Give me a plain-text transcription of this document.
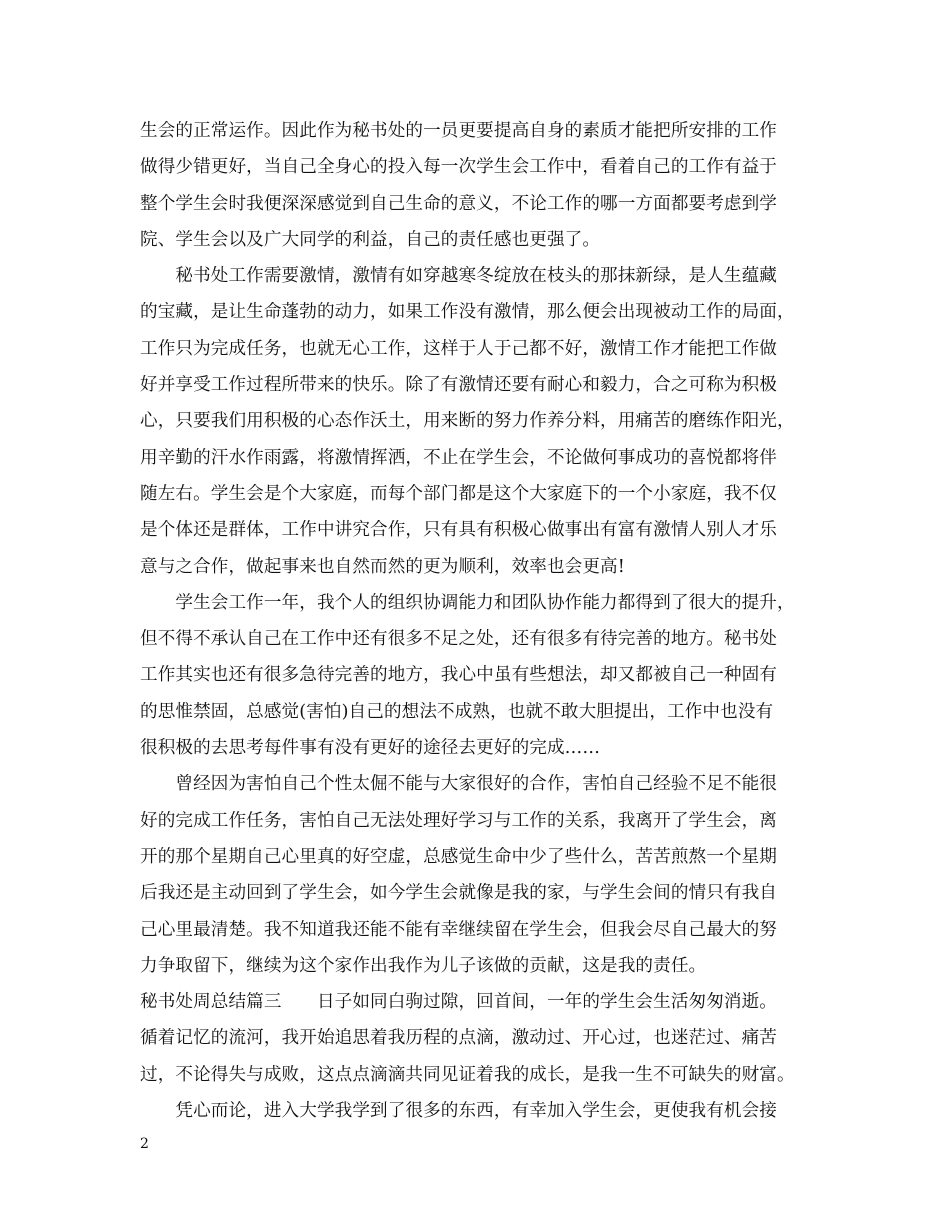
生会的正常运作。因此作为秘书处的一员更要提高自身的素质才能把所安排的工作
做得少错更好，当自己全身心的投入每一次学生会工作中，看着自己的工作有益于
整个学生会时我便深深感觉到自己生命的意义，不论工作的哪一方面都要考虑到学
院、学生会以及广大同学的利益，自己的责任感也更强了。
　　秘书处工作需要激情，激情有如穿越寒冬绽放在枝头的那抹新绿，是人生蕴藏
的宝藏，是让生命蓬勃的动力，如果工作没有激情，那么便会出现被动工作的局面，
工作只为完成任务，也就无心工作，这样于人于己都不好，激情工作才能把工作做
好并享受工作过程所带来的快乐。除了有激情还要有耐心和毅力，合之可称为积极
心，只要我们用积极的心态作沃土，用来断的努力作养分料，用痛苦的磨练作阳光，
用辛勤的汗水作雨露，将激情挥洒，不止在学生会，不论做何事成功的喜悦都将伴
随左右。学生会是个大家庭，而每个部门都是这个大家庭下的一个小家庭，我不仅
是个体还是群体，工作中讲究合作，只有具有积极心做事出有富有激情人别人才乐
意与之合作，做起事来也自然而然的更为顺利，效率也会更高!
　　学生会工作一年，我个人的组织协调能力和团队协作能力都得到了很大的提升，
但不得不承认自己在工作中还有很多不足之处，还有很多有待完善的地方。秘书处
工作其实也还有很多急待完善的地方，我心中虽有些想法，却又都被自己一种固有
的思惟禁固，总感觉(害怕)自己的想法不成熟，也就不敢大胆提出，工作中也没有
很积极的去思考每件事有没有更好的途径去更好的完成……
　　曾经因为害怕自己个性太倔不能与大家很好的合作，害怕自己经验不足不能很
好的完成工作任务，害怕自己无法处理好学习与工作的关系，我离开了学生会，离
开的那个星期自己心里真的好空虚，总感觉生命中少了些什么，苦苦煎熬一个星期
后我还是主动回到了学生会，如今学生会就像是我的家，与学生会间的情只有我自
己心里最清楚。我不知道我还能不能有幸继续留在学生会，但我会尽自己最大的努
力争取留下，继续为这个家作出我作为儿子该做的贡献，这是我的责任。
秘书处周总结篇三　　日子如同白驹过隙，回首间，一年的学生会生活匆匆消逝。
循着记忆的流河，我开始追思着我历程的点滴，激动过、开心过，也迷茫过、痛苦
过，不论得失与成败，这点点滴滴共同见证着我的成长，是我一生不可缺失的财富。
　　凭心而论，进入大学我学到了很多的东西，有幸加入学生会，更使我有机会接
2
